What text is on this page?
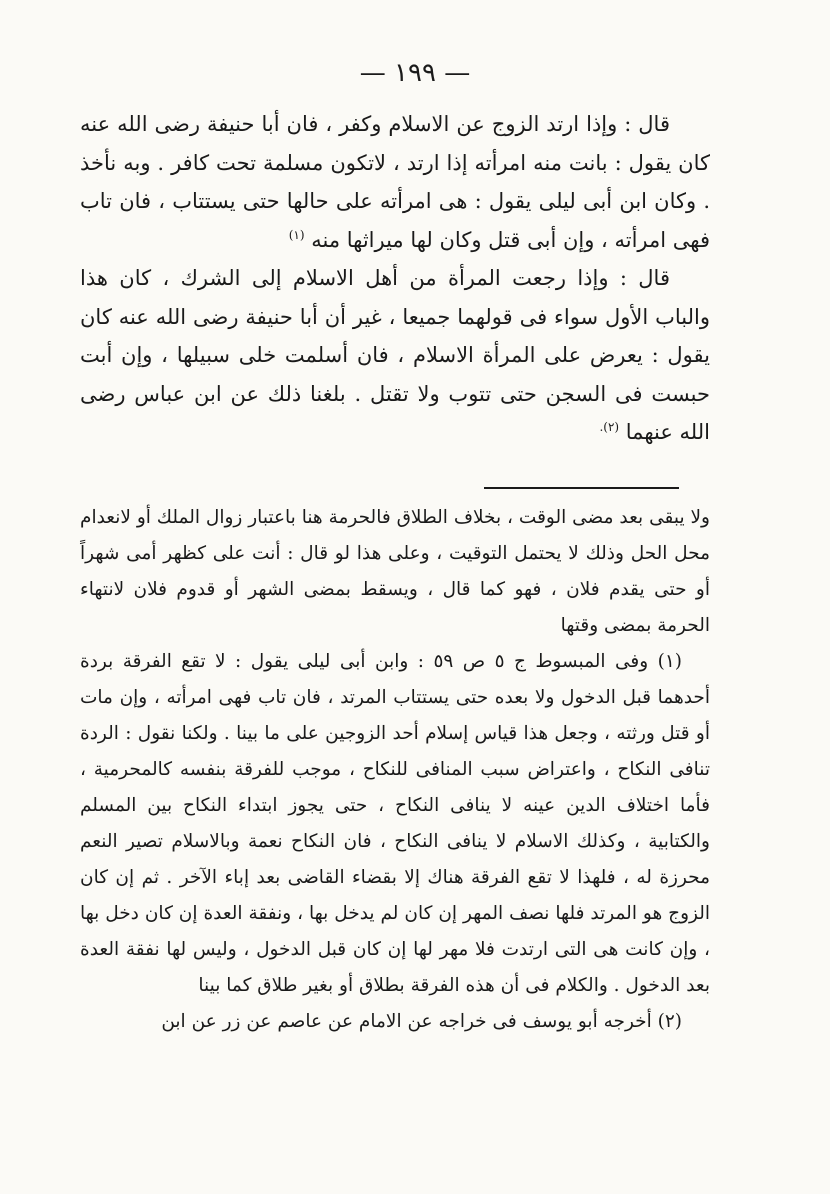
— ١٩٩ —

قال : وإذا ارتد الزوج عن الاسلام وكفر ، فان أبا حنيفة رضى الله عنه كان يقول : بانت منه امرأته إذا ارتد ، لاتكون مسلمة تحت كافر . وبه نأخذ . وكان ابن أبى ليلى يقول : هى امرأته على حالها حتى يستتاب ، فان تاب فهى امرأته ، وإن أبى قتل وكان لها ميراثها منه $^{(١)}$

قال : وإذا رجعت المرأة من أهل الاسلام إلى الشرك ، كان هذا والباب الأول سواء فى قولهما جميعا ، غير أن أبا حنيفة رضى الله عنه كان يقول : يعرض على المرأة الاسلام ، فان أسلمت خلى سبيلها ، وإن أبت حبست فى السجن حتى تتوب ولا تقتل . بلغنا ذلك عن ابن عباس رضى الله عنهما $^{(٢).}$

ولا يبقى بعد مضى الوقت ، بخلاف الطلاق فالحرمة هنا باعتبار زوال الملك أو لانعدام محل الحل وذلك لا يحتمل التوقيت ، وعلى هذا لو قال : أنت على كظهر أمى شهراً أو حتى يقدم فلان ، فهو كما قال ، ويسقط بمضى الشهر أو قدوم فلان لانتهاء الحرمة بمضى وقتها

(١) وفى المبسوط ج ٥ ص ٥٩ : وابن أبى ليلى يقول : لا تقع الفرقة بردة أحدهما قبل الدخول ولا بعده حتى يستتاب المرتد ، فان تاب فهى امرأته ، وإن مات أو قتل ورثته ، وجعل هذا قياس إسلام أحد الزوجين على ما بينا . ولكنا نقول : الردة تنافى النكاح ، واعتراض سبب المنافى للنكاح ، موجب للفرقة بنفسه كالمحرمية ، فأما اختلاف الدين عينه لا ينافى النكاح ، حتى يجوز ابتداء النكاح بين المسلم والكتابية ، وكذلك الاسلام لا ينافى النكاح ، فان النكاح نعمة وبالاسلام تصير النعم محرزة له ، فلهذا لا تقع الفرقة هناك إلا بقضاء القاضى بعد إباء الآخر . ثم إن كان الزوج هو المرتد فلها نصف المهر إن كان لم يدخل بها ، ونفقة العدة إن كان دخل بها ، وإن كانت هى التى ارتدت فلا مهر لها إن كان قبل الدخول ، وليس لها نفقة العدة بعد الدخول . والكلام فى أن هذه الفرقة بطلاق أو بغير طلاق كما بينا

(٢) أخرجه أبو يوسف فى خراجه عن الامام عن عاصم عن زر عن ابن
